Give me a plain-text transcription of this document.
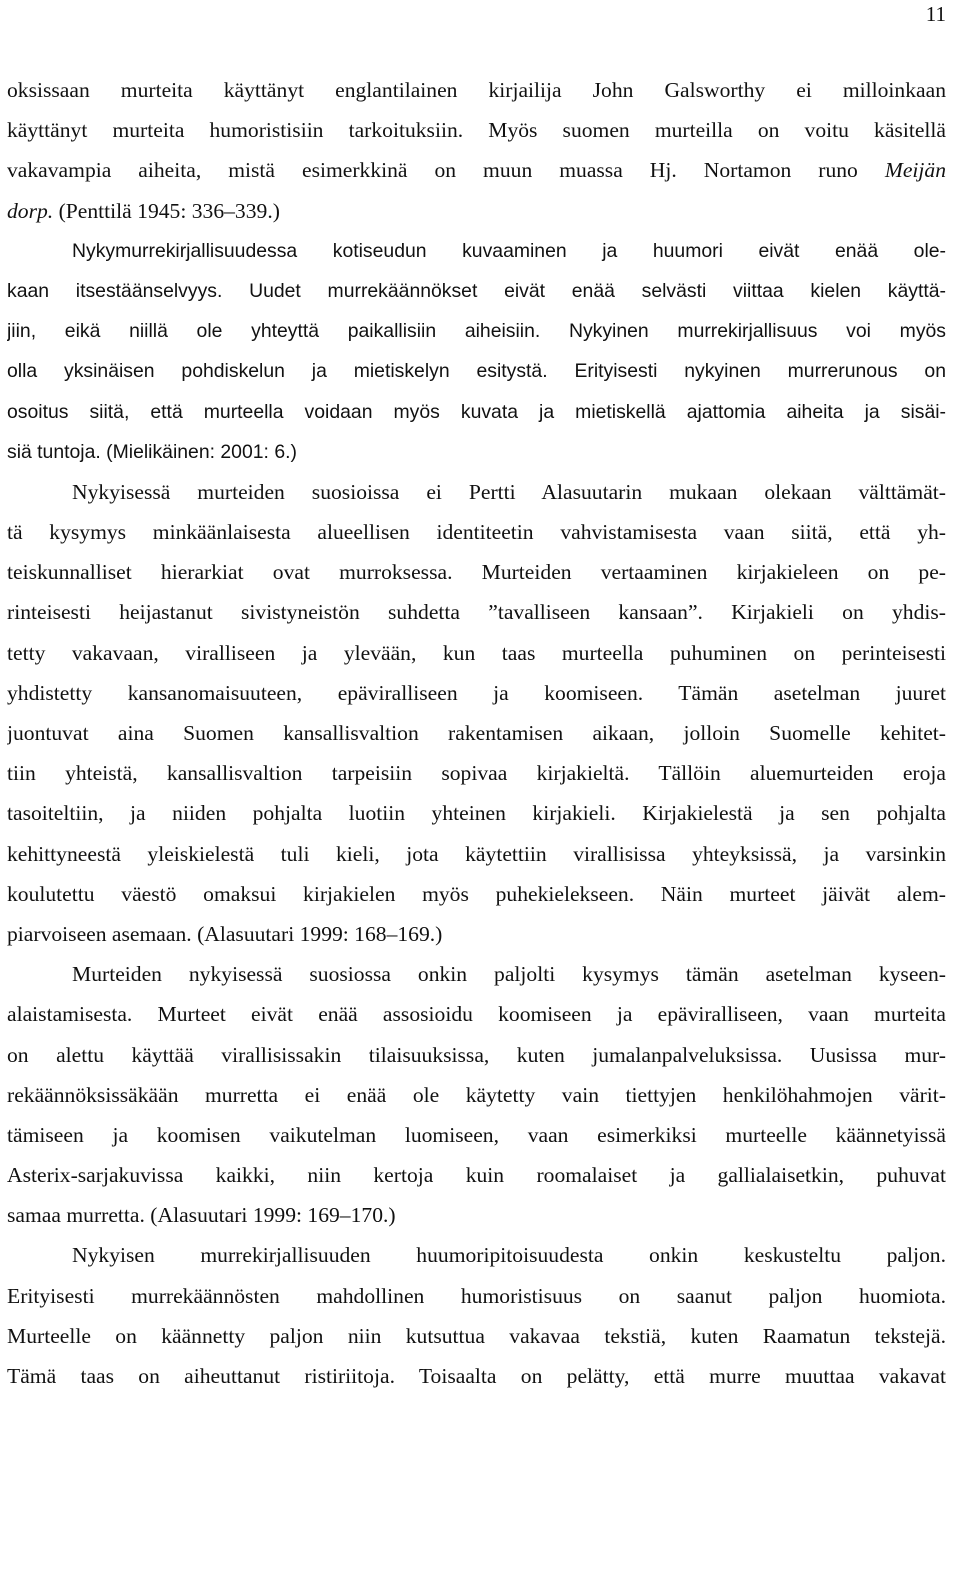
11
oksissaan murteita käyttänyt englantilainen kirjailija John Galsworthy ei milloinkaan
käyttänyt murteita humoristisiin tarkoituksiin. Myös suomen murteilla on voitu käsitellä
vakavampia aiheita, mistä esimerkkinä on muun muassa Hj. Nortamon runo Meijän
dorp. (Penttilä 1945: 336–339.)
Nykymurrekirjallisuudessa kotiseudun kuvaaminen ja huumori eivät enää ole-
kaan itsestäänselvyys. Uudet murrekäännökset eivät enää selvästi viittaa kielen käyttä-
jiin, eikä niillä ole yhteyttä paikallisiin aiheisiin. Nykyinen murrekirjallisuus voi myös
olla yksinäisen pohdiskelun ja mietiskelyn esitystä. Erityisesti nykyinen murrerunous on
osoitus siitä, että murteella voidaan myös kuvata ja mietiskellä ajattomia aiheita ja sisäi-
siä tuntoja. (Mielikäinen: 2001: 6.)
Nykyisessä murteiden suosioissa ei Pertti Alasuutarin mukaan olekaan välttämät-
tä kysymys minkäänlaisesta alueellisen identiteetin vahvistamisesta vaan siitä, että yh-
teiskunnalliset hierarkiat ovat murroksessa. Murteiden vertaaminen kirjakieleen on pe-
rinteisesti heijastanut sivistyneistön suhdetta ”tavalliseen kansaan”. Kirjakieli on yhdis-
tetty vakavaan, viralliseen ja ylevään, kun taas murteella puhuminen on perinteisesti
yhdistetty kansanomaisuuteen, epäviralliseen ja koomiseen. Tämän asetelman juuret
juontuvat aina Suomen kansallisvaltion rakentamisen aikaan, jolloin Suomelle kehitet-
tiin yhteistä, kansallisvaltion tarpeisiin sopivaa kirjakieltä. Tällöin aluemurteiden eroja
tasoiteltiin, ja niiden pohjalta luotiin yhteinen kirjakieli. Kirjakielestä ja sen pohjalta
kehittyneestä yleiskielestä tuli kieli, jota käytettiin virallisissa yhteyksissä, ja varsinkin
koulutettu väestö omaksui kirjakielen myös puhekielekseen. Näin murteet jäivät alem-
piarvoiseen asemaan. (Alasuutari 1999: 168–169.)
Murteiden nykyisessä suosiossa onkin paljolti kysymys tämän asetelman kyseen-
alaistamisesta. Murteet eivät enää assosioidu koomiseen ja epäviralliseen, vaan murteita
on alettu käyttää virallisissakin tilaisuuksissa, kuten jumalanpalveluksissa. Uusissa mur-
rekäännöksissäkään murretta ei enää ole käytetty vain tiettyjen henkilöhahmojen värit-
tämiseen ja koomisen vaikutelman luomiseen, vaan esimerkiksi murteelle käännetyissä
Asterix-sarjakuvissa kaikki, niin kertoja kuin roomalaiset ja gallialaisetkin, puhuvat
samaa murretta. (Alasuutari 1999: 169–170.)
Nykyisen murrekirjallisuuden huumoripitoisuudesta onkin keskusteltu paljon.
Erityisesti murrekäännösten mahdollinen humoristisuus on saanut paljon huomiota.
Murteelle on käännetty paljon niin kutsuttua vakavaa tekstiä, kuten Raamatun tekstejä.
Tämä taas on aiheuttanut ristiriitoja. Toisaalta on pelätty, että murre muuttaa vakavat
